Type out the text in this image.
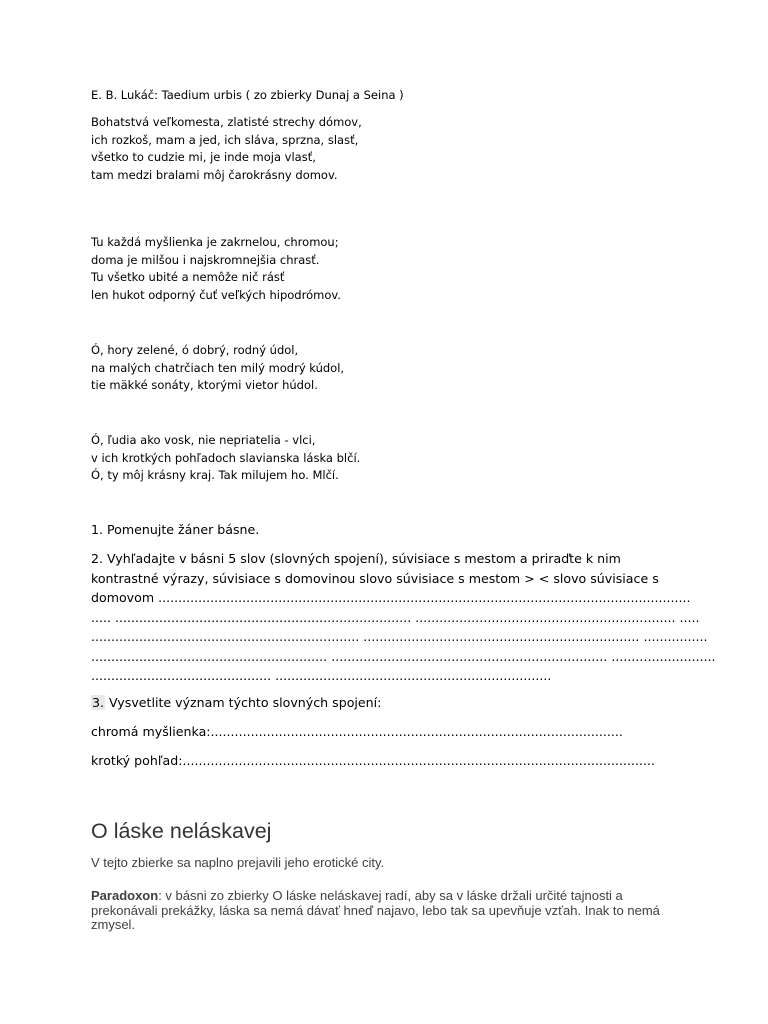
E. B. Lukáč: Taedium urbis ( zo zbierky Dunaj a Seina )
Bohatstvá veľkomesta, zlatisté strechy dómov,
ich rozkoš, mam a jed, ich sláva, sprzna, slasť,
všetko to cudzie mi, je inde moja vlasť,
tam medzi bralami môj čarokrásny domov.
Tu každá myšlienka je zakrnelou, chromou;
doma je milšou i najskromnejšia chrasť.
Tu všetko ubité a nemôže nič rásť
len hukot odporný čuť veľkých hipodrómov.
Ó, hory zelené, ó dobrý, rodný údol,
na malých chatrčiach ten milý modrý kúdol,
tie mäkké sonáty, ktorými vietor húdol.
Ó, ľudia ako vosk, nie nepriatelia - vlci,
v ich krotkých pohľadoch slavianska láska blčí.
Ó, ty môj krásny kraj. Tak milujem ho. Mlčí.
1. Pomenujte žáner básne.
2. Vyhľadajte v básni 5 slov (slovných spojení), súvisiace s mestom a priraďte k nim
kontrastné výrazy, súvisiace s domovinou slovo súvisiace s mestom > < slovo súvisiace s
domovom .....................................................................................................................................
..... .......................................................................... ................................................................. .....
................................................................... ..................................................................... ................
........................................................... ..................................................................... ..........................
............................................. .....................................................................
3. Vysvetlite význam týchto slovných spojení:
chromá myšlienka:.......................................................................................................
krotký pohľad:......................................................................................................................
O láske neláskavej
V tejto zbierke sa naplno prejavili jeho erotické city.
Paradoxon: v básni zo zbierky O láske neláskavej radí, aby sa v láske držali určité tajnosti a prekonávali prekážky, láska sa nemá dávať hneď najavo, lebo tak sa upevňuje vzťah. Inak to nemá zmysel.
